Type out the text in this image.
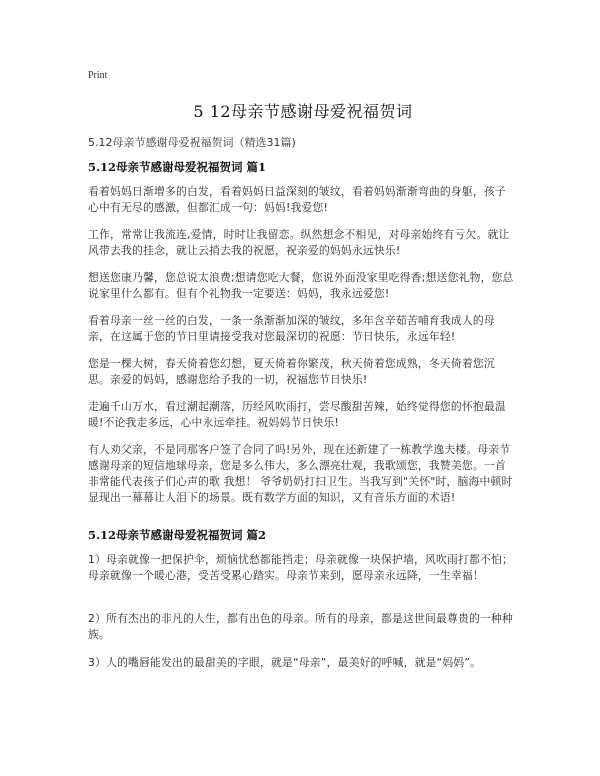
Print
5 12母亲节感谢母爱祝福贺词
5.12母亲节感谢母爱祝福贺词（精选31篇)
5.12母亲节感谢母爱祝福贺词 篇1
看着妈妈日渐增多的白发，看着妈妈日益深刻的皱纹，看着妈妈渐渐弯曲的身躯，孩子心中有无尽的感激，但都汇成一句：妈妈!我爱您!
工作，常常让我流连,爱情，时时让我留恋。纵然想念不相见，对母亲始终有亏欠。就让风带去我的挂念，就让云捎去我的祝愿，祝亲爱的妈妈永远快乐!
想送您康乃馨，您总说太浪费;想请您吃大餐，您说外面没家里吃得香;想送您礼物，您总说家里什么都有。但有个礼物我一定要送：妈妈，我永远爱您!
看着母亲一丝一丝的白发，一条一条渐渐加深的皱纹，多年含辛茹苦哺育我成人的母亲，在这属于您的节日里请接受我对您最深切的祝愿：节日快乐，永远年轻!
您是一棵大树，春天倚着您幻想，夏天倚着你繁茂，秋天倚着您成熟，冬天倚着您沉思。亲爱的妈妈，感谢您给予我的一切，祝福您节日快乐!
走遍千山万水，看过潮起潮落，历经风吹雨打，尝尽酸甜苦辣，始终觉得您的怀抱最温暖!不论我走多远，心中永远牵挂。祝妈妈节日快乐!
有人劝父亲，不是同那客户签了合同了吗!另外，现在还新建了一栋教学逸夫楼。母亲节感谢母亲的短信地球母亲，您是多么伟大，多么漂亮壮观，我歌颂您，我赞美您。一首非常能代表孩子们心声的歌 我想！ 爷爷奶奶打扫卫生。当我写到"关怀"时，脑海中顿时显现出一幕幕让人泪下的场景。既有数学方面的知识，又有音乐方面的术语!
5.12母亲节感谢母爱祝福贺词 篇2
1）母亲就像一把保护伞，烦恼忧愁都能挡走；母亲就像一块保护墙，风吹雨打都不怕；母亲就像一个暖心港，受苦受累心踏实。母亲节来到，愿母亲永远降，一生幸福！
2）所有杰出的非凡的人生，都有出色的母亲。所有的母亲，都是这世间最尊贵的一种种族。
3）人的嘴唇能发出的最甜美的字眼，就是“母亲”，最美好的呼喊，就是“妈妈”。
